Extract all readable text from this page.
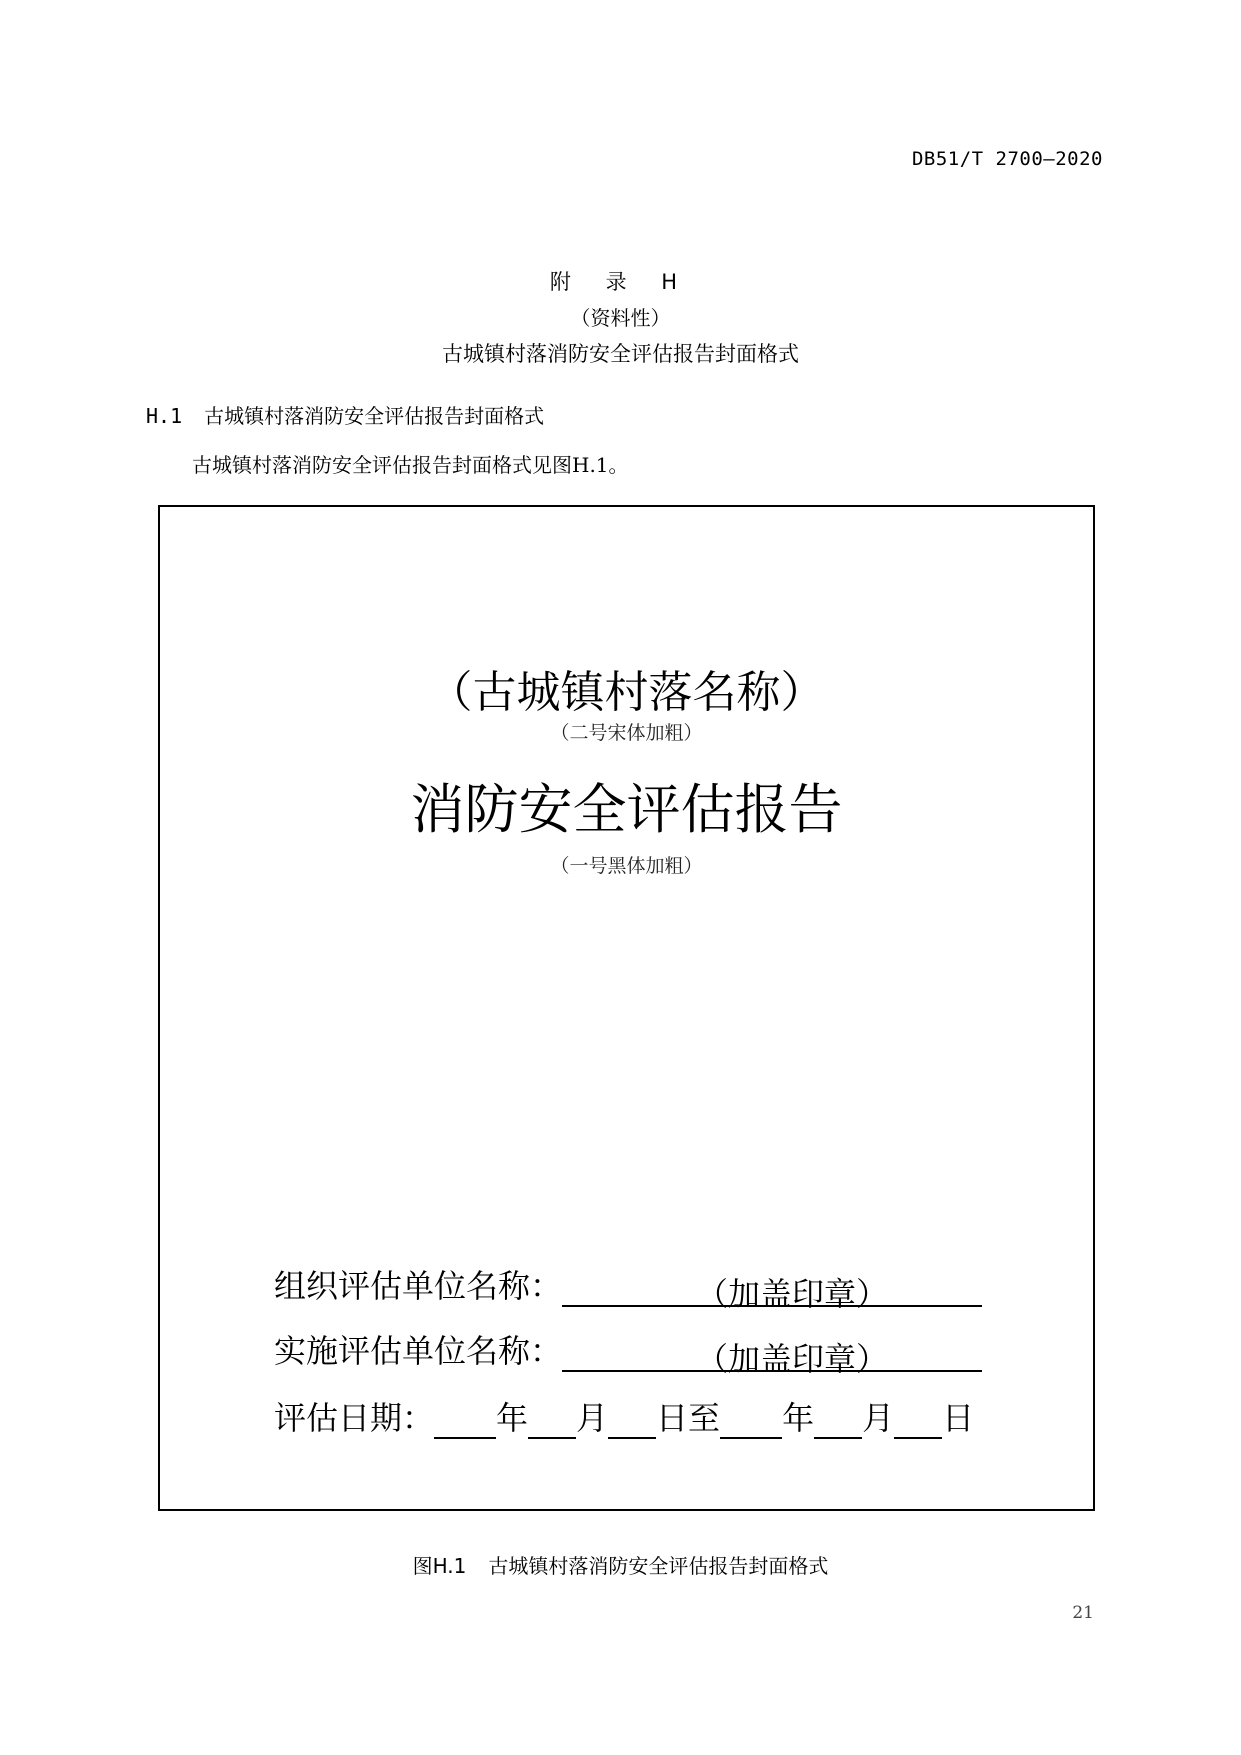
DB51/T 2700—2020
附 录 H
（资料性）
古城镇村落消防安全评估报告封面格式
H.1 古城镇村落消防安全评估报告封面格式
古城镇村落消防安全评估报告封面格式见图H.1。
（古城镇村落名称）
（二号宋体加粗）
消防安全评估报告
（一号黑体加粗）
组织评估单位名称：	（加盖印章）
实施评估单位名称：	（加盖印章）
评估日期： 年 月 日至 年 月 日
图H.1 古城镇村落消防安全评估报告封面格式
21
